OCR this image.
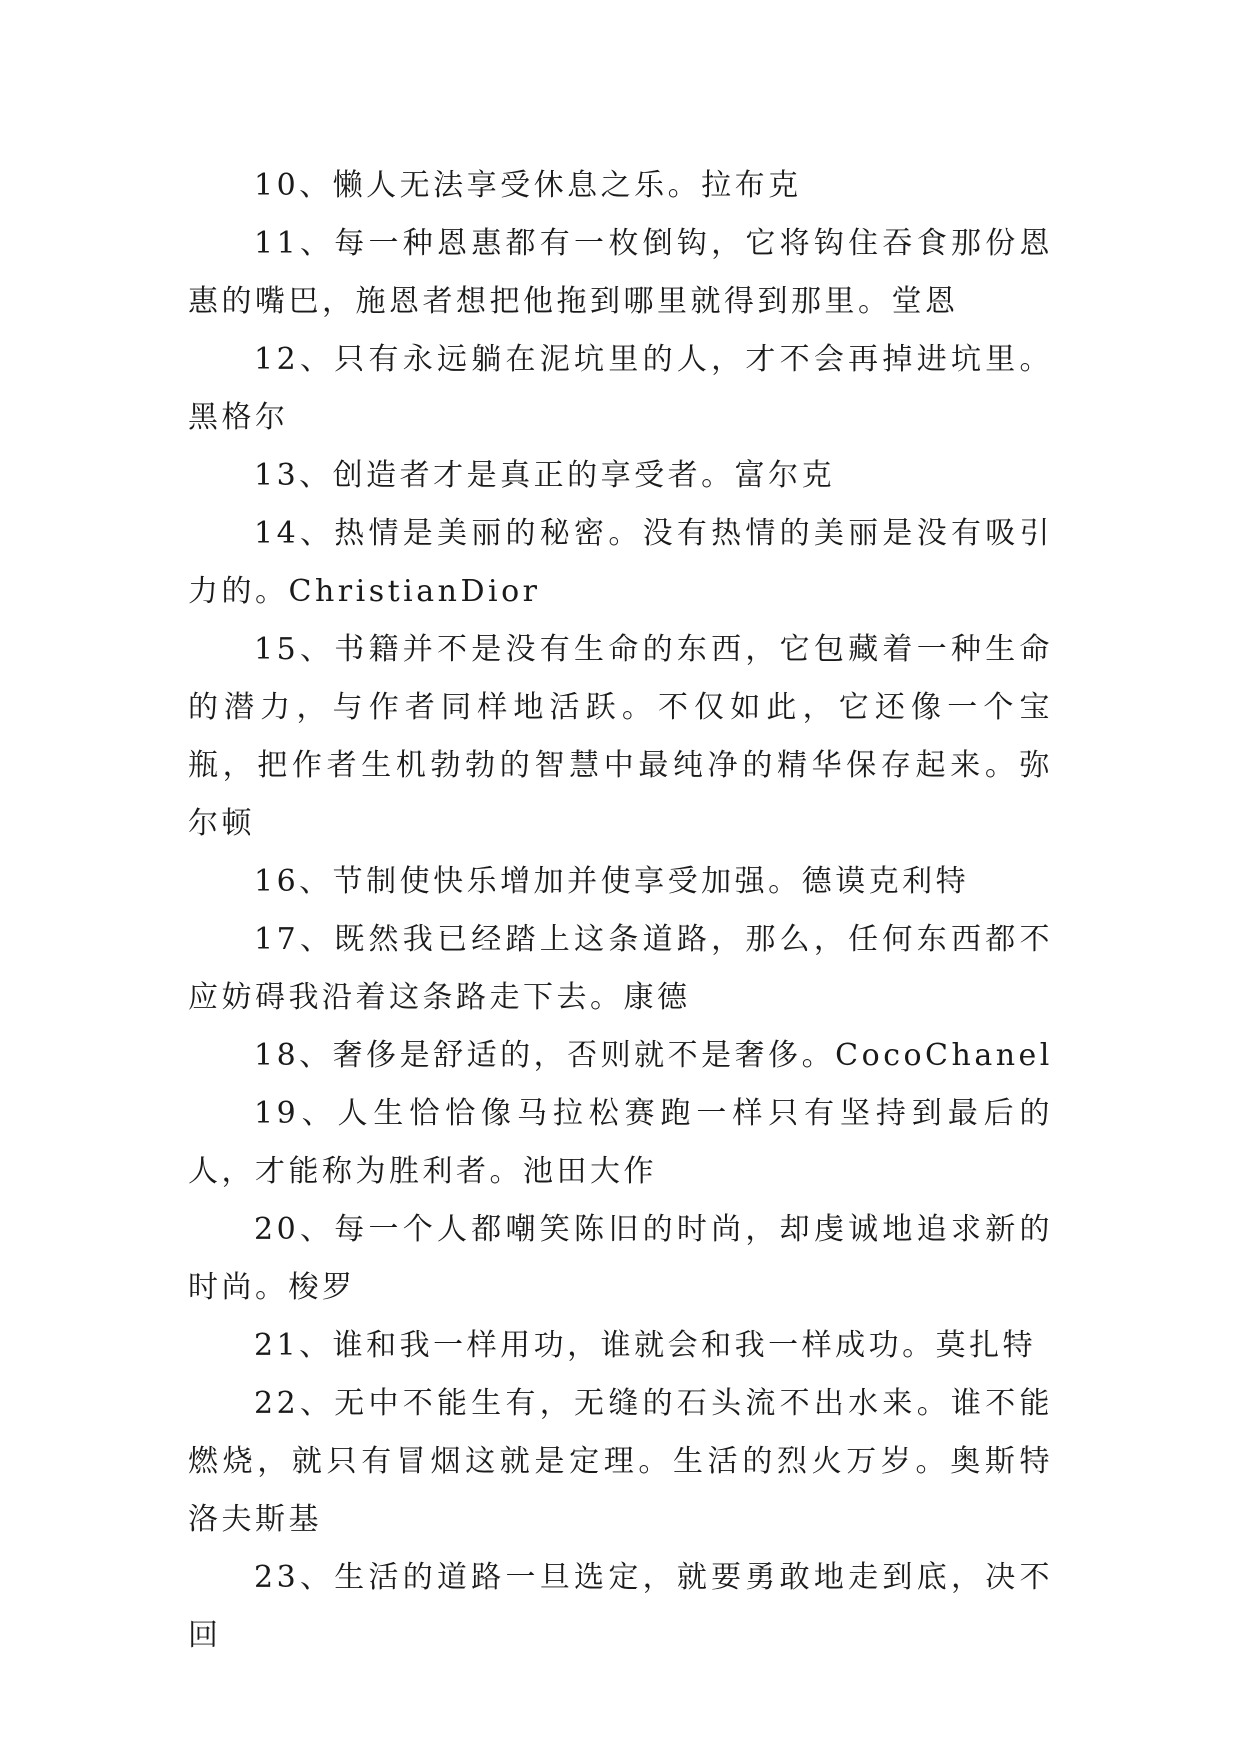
10、懒人无法享受休息之乐。拉布克

11、每一种恩惠都有一枚倒钩，它将钩住吞食那份恩惠的嘴巴，施恩者想把他拖到哪里就得到那里。堂恩

12、只有永远躺在泥坑里的人，才不会再掉进坑里。黑格尔

13、创造者才是真正的享受者。富尔克

14、热情是美丽的秘密。没有热情的美丽是没有吸引力的。ChristianDior

15、书籍并不是没有生命的东西，它包藏着一种生命的潜力，与作者同样地活跃。不仅如此，它还像一个宝瓶，把作者生机勃勃的智慧中最纯净的精华保存起来。弥尔顿

16、节制使快乐增加并使享受加强。德谟克利特

17、既然我已经踏上这条道路，那么，任何东西都不应妨碍我沿着这条路走下去。康德

18、奢侈是舒适的，否则就不是奢侈。CocoChanel

19、人生恰恰像马拉松赛跑一样只有坚持到最后的人，才能称为胜利者。池田大作

20、每一个人都嘲笑陈旧的时尚，却虔诚地追求新的时尚。梭罗

21、谁和我一样用功，谁就会和我一样成功。莫扎特

22、无中不能生有，无缝的石头流不出水来。谁不能燃烧，就只有冒烟这就是定理。生活的烈火万岁。奥斯特洛夫斯基

23、生活的道路一旦选定，就要勇敢地走到底，决不回
